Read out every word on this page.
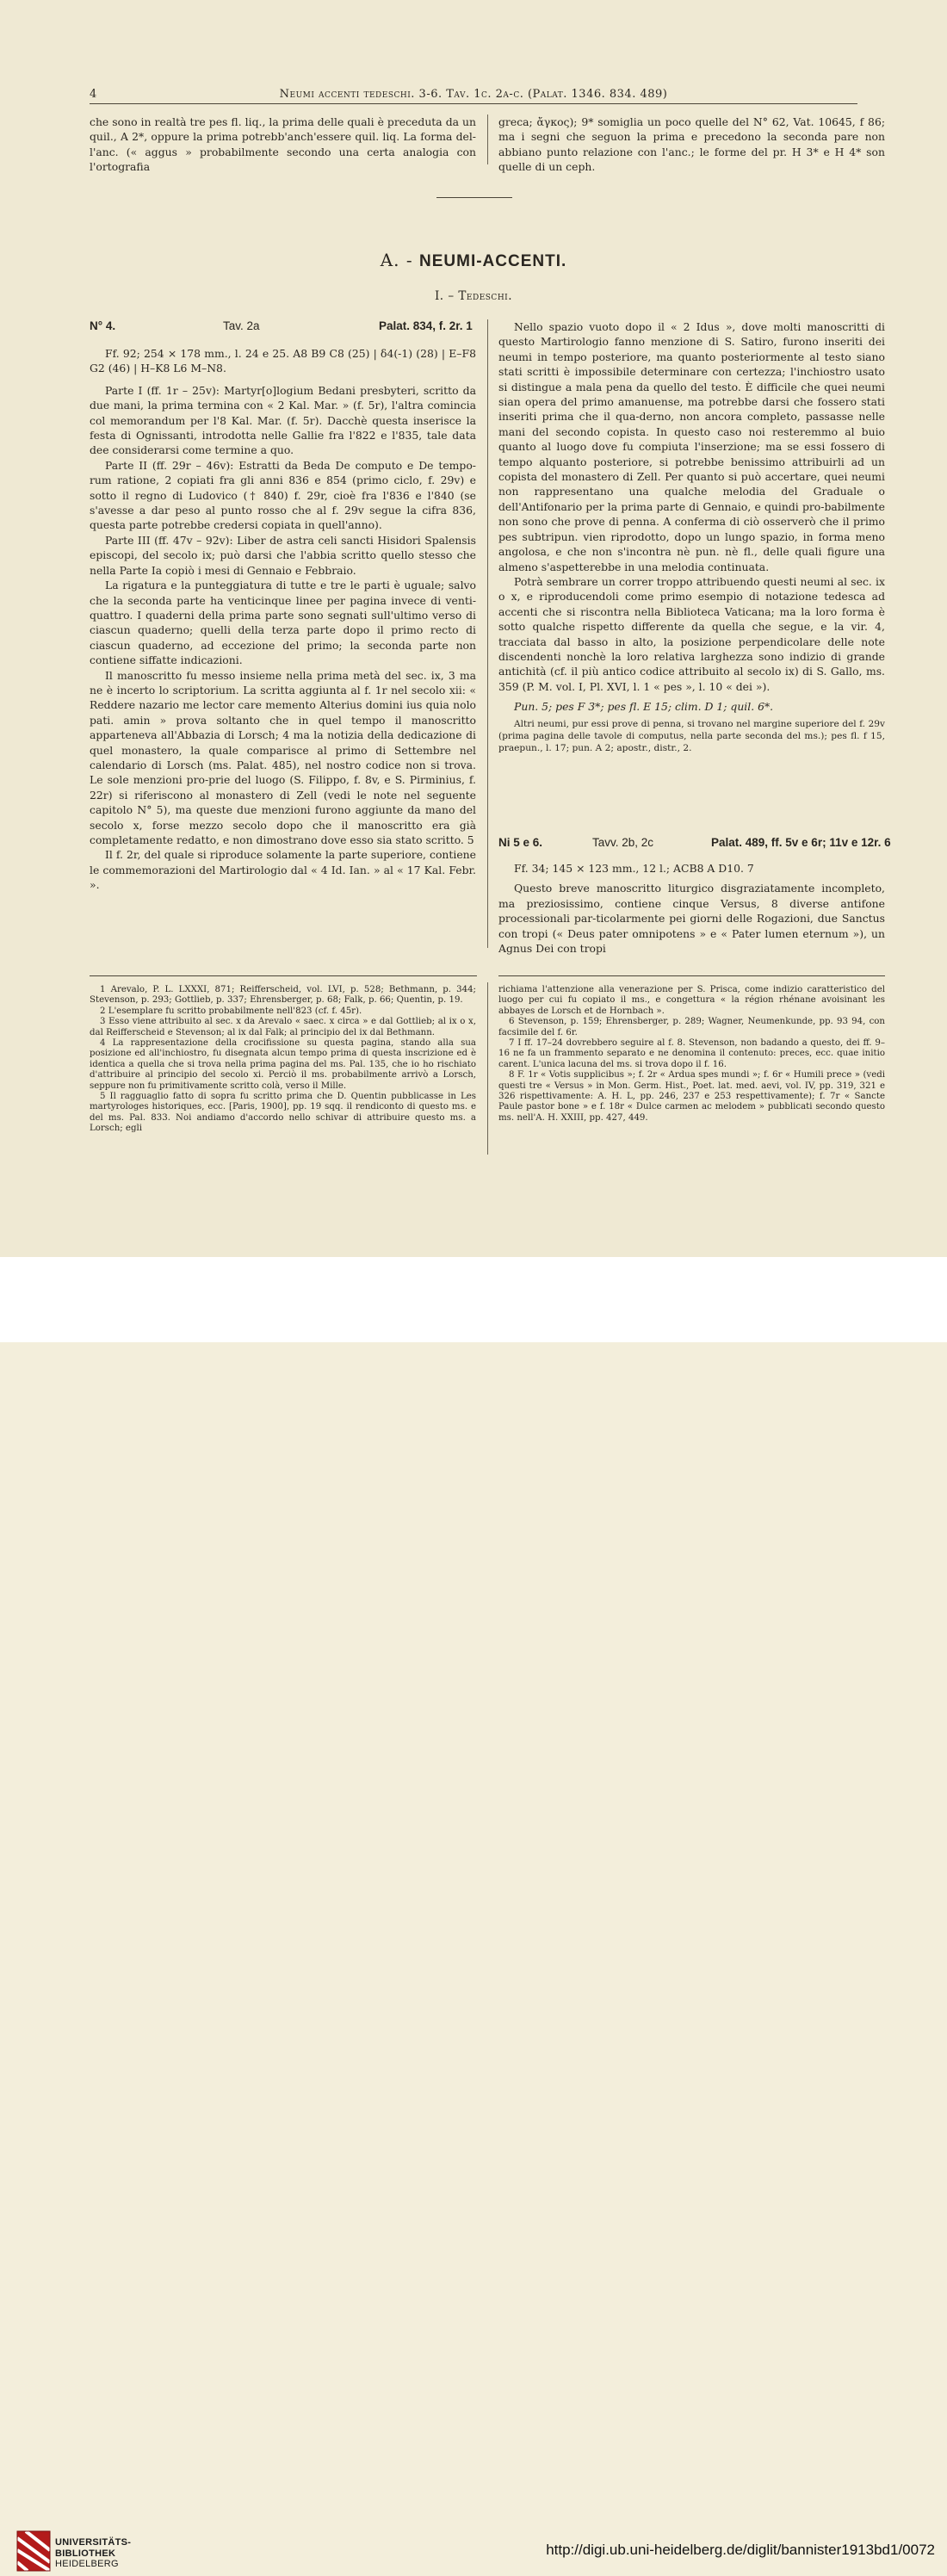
4	Neumi accenti tedeschi. 3-6. Tav. 1c. 2a-c. (Palat. 1346. 834. 489)

che sono in realtà tre pes fl. liq., la prima delle quali è preceduta da un quil., A 2*, oppure la prima potrebb'anch'essere quil. liq. La forma del-l'anc. (« aggus » probabilmente secondo una certa analogia con l'ortografia

greca; ἄγκος); 9* somiglia un poco quelle del N° 62, Vat. 10645, f 86; ma i segni che seguon la prima e precedono la seconda pare non abbiano punto relazione con l'anc.; le forme del pr. H 3* e H 4* son quelle di un ceph.

A. - NEUMI-ACCENTI.
I. – Tedeschi.
N° 4.	Tav. 2a	Palat. 834, f. 2r. 1

Ff. 92; 254 × 178 mm., l. 24 e 25. A8 B9 C8 (25) | δ4(-1) (28) | E–F8 G2 (46) | H–K8 L6 M–N8.

Parte I (ff. 1r – 25v): Martyr[o]logium Bedani presbyteri, scritto da due mani, la prima termina con « 2 Kal. Mar. » (f. 5r), l'altra comincia col memorandum per l'8 Kal. Mar. (f. 5r). Dacchè questa inserisce la festa di Ognissanti, introdotta nelle Gallie fra l'822 e l'835, tale data dee considerarsi come termine a quo.

Parte II (ff. 29r – 46v): Estratti da Beda De computo e De tempo-rum ratione, 2 copiati fra gli anni 836 e 854 (primo ciclo, f. 29v) e sotto il regno di Ludovico († 840) f. 29r, cioè fra l'836 e l'840 (se s'avesse a dar peso al punto rosso che al f. 29v segue la cifra 836, questa parte potrebbe credersi copiata in quell'anno).

Parte III (ff. 47v – 92v): Liber de astra celi sancti Hisidori Spalensis episcopi, del secolo ix; può darsi che l'abbia scritto quello stesso che nella Parte Ia copiò i mesi di Gennaio e Febbraio.

La rigatura e la punteggiatura di tutte e tre le parti è uguale; salvo che la seconda parte ha venticinque linee per pagina invece di venti-quattro. I quaderni della prima parte sono segnati sull'ultimo verso di ciascun quaderno; quelli della terza parte dopo il primo recto di ciascun quaderno, ad eccezione del primo; la seconda parte non contiene siffatte indicazioni.

Il manoscritto fu messo insieme nella prima metà del sec. ix, 3 ma ne è incerto lo scriptorium. La scritta aggiunta al f. 1r nel secolo xii: « Reddere nazario me lector care memento Alterius domini ius quia nolo pati. amin » prova soltanto che in quel tempo il manoscritto apparteneva all'Abbazia di Lorsch; 4 ma la notizia della dedicazione di quel monastero, la quale comparisce al primo di Settembre nel calendario di Lorsch (ms. Palat. 485), nel nostro codice non si trova. Le sole menzioni pro-prie del luogo (S. Filippo, f. 8v, e S. Pirminius, f. 22r) si riferiscono al monastero di Zell (vedi le note nel seguente capitolo N° 5), ma queste due menzioni furono aggiunte da mano del secolo x, forse mezzo secolo dopo che il manoscritto era già completamente redatto, e non dimostrano dove esso sia stato scritto. 5

Il f. 2r, del quale si riproduce solamente la parte superiore, contiene le commemorazioni del Martirologio dal « 4 Id. Ian. » al « 17 Kal. Febr. ».

Nello spazio vuoto dopo il « 2 Idus », dove molti manoscritti di questo Martirologio fanno menzione di S. Satiro, furono inseriti dei neumi in tempo posteriore, ma quanto posteriormente al testo siano stati scritti è impossibile determinare con certezza; l'inchiostro usato si distingue a mala pena da quello del testo. È difficile che quei neumi sian opera del primo amanuense, ma potrebbe darsi che fossero stati inseriti prima che il qua-derno, non ancora completo, passasse nelle mani del secondo copista. In questo caso noi resteremmo al buio quanto al luogo dove fu compiuta l'inserzione; ma se essi fossero di tempo alquanto posteriore, si potrebbe benissimo attribuirli ad un copista del monastero di Zell. Per quanto si può accertare, quei neumi non rappresentano una qualche melodia del Graduale o dell'Antifonario per la prima parte di Gennaio, e quindi pro-babilmente non sono che prove di penna. A conferma di ciò osserverò che il primo pes subtripun. vien riprodotto, dopo un lungo spazio, in forma meno angolosa, e che non s'incontra nè pun. nè fl., delle quali figure una almeno s'aspetterebbe in una melodia continuata.

Potrà sembrare un correr troppo attribuendo questi neumi al sec. ix o x, e riproducendoli come primo esempio di notazione tedesca ad accenti che si riscontra nella Biblioteca Vaticana; ma la loro forma è sotto qualche rispetto differente da quella che segue, e la vir. 4, tracciata dal basso in alto, la posizione perpendicolare delle note discendenti nonchè la loro relativa larghezza sono indizio di grande antichità (cf. il più antico codice attribuito al secolo ix) di S. Gallo, ms. 359 (P. M. vol. I, Pl. XVI, l. 1 « pes », l. 10 « dei »).

Pun. 5; pes F 3*; pes fl. E 15; clim. D 1; quil. 6*.

Altri neumi, pur essi prove di penna, si trovano nel margine superiore del f. 29v (prima pagina delle tavole di computus, nella parte seconda del ms.); pes fl. f 15, praepun., l. 17; pun. A 2; apostr., distr., 2.

Ni 5 e 6.	Tavv. 2b, 2c	Palat. 489, ff. 5v e 6r; 11v e 12r. 6

Ff. 34; 145 × 123 mm., 12 l.; ACB8 A D10. 7

Questo breve manoscritto liturgico disgraziatamente incompleto, ma preziosissimo, contiene cinque Versus, 8 diverse antifone processionali par-ticolarmente pei giorni delle Rogazioni, due Sanctus con tropi (« Deus pater omnipotens » e « Pater lumen eternum »), un Agnus Dei con tropi

1 Arevalo, P. L. LXXXI, 871; Reifferscheid, vol. LVI, p. 528; Bethmann, p. 344; Stevenson, p. 293; Gottlieb, p. 337; Ehrensberger, p. 68; Falk, p. 66; Quentin, p. 19.

2 L'esemplare fu scritto probabilmente nell'823 (cf. f. 45r).

3 Esso viene attribuito al sec. x da Arevalo « saec. x circa » e dal Gottlieb; al ix o x, dal Reifferscheid e Stevenson; al ix dal Falk; al principio del ix dal Bethmann.

4 La rappresentazione della crocifissione su questa pagina, stando alla sua posizione ed all'inchiostro, fu disegnata alcun tempo prima di questa inscrizione ed è identica a quella che si trova nella prima pagina del ms. Pal. 135, che io ho rischiato d'attribuire al principio del secolo xi. Perciò il ms. probabilmente arrivò a Lorsch, seppure non fu primitivamente scritto colà, verso il Mille.

5 Il ragguaglio fatto di sopra fu scritto prima che D. Quentin pubblicasse in Les martyrologes historiques, ecc. [Paris, 1900], pp. 19 sqq. il rendiconto di questo ms. e del ms. Pal. 833. Noi andiamo d'accordo nello schivar di attribuire questo ms. a Lorsch; egli

richiama l'attenzione alla venerazione per S. Prisca, come indizio caratteristico del luogo per cui fu copiato il ms., e congettura « la région rhénane avoisinant les abbayes de Lorsch et de Hornbach ».

6 Stevenson, p. 159; Ehrensberger, p. 289; Wagner, Neumenkunde, pp. 93 94, con facsimile del f. 6r.

7 I ff. 17–24 dovrebbero seguire al f. 8. Stevenson, non badando a questo, dei ff. 9–16 ne fa un frammento separato e ne denomina il contenuto: preces, ecc. quae initio carent. L'unica lacuna del ms. si trova dopo il f. 16.

8 F. 1r « Votis supplicibus »; f. 2r « Ardua spes mundi »; f. 6r « Humili prece » (vedi questi tre « Versus » in Mon. Germ. Hist., Poet. lat. med. aevi, vol. IV, pp. 319, 321 e 326 rispettivamente: A. H. L, pp. 246, 237 e 253 respettivamente); f. 7r « Sancte Paule pastor bone » e f. 18r « Dulce carmen ac melodem » pubblicati secondo questo ms. nell'A. H. XXIII, pp. 427, 449.

UNIVERSITÄTS-
BIBLIOTHEK
HEIDELBERG
http://digi.ub.uni-heidelberg.de/diglit/bannister1913bd1/0072
